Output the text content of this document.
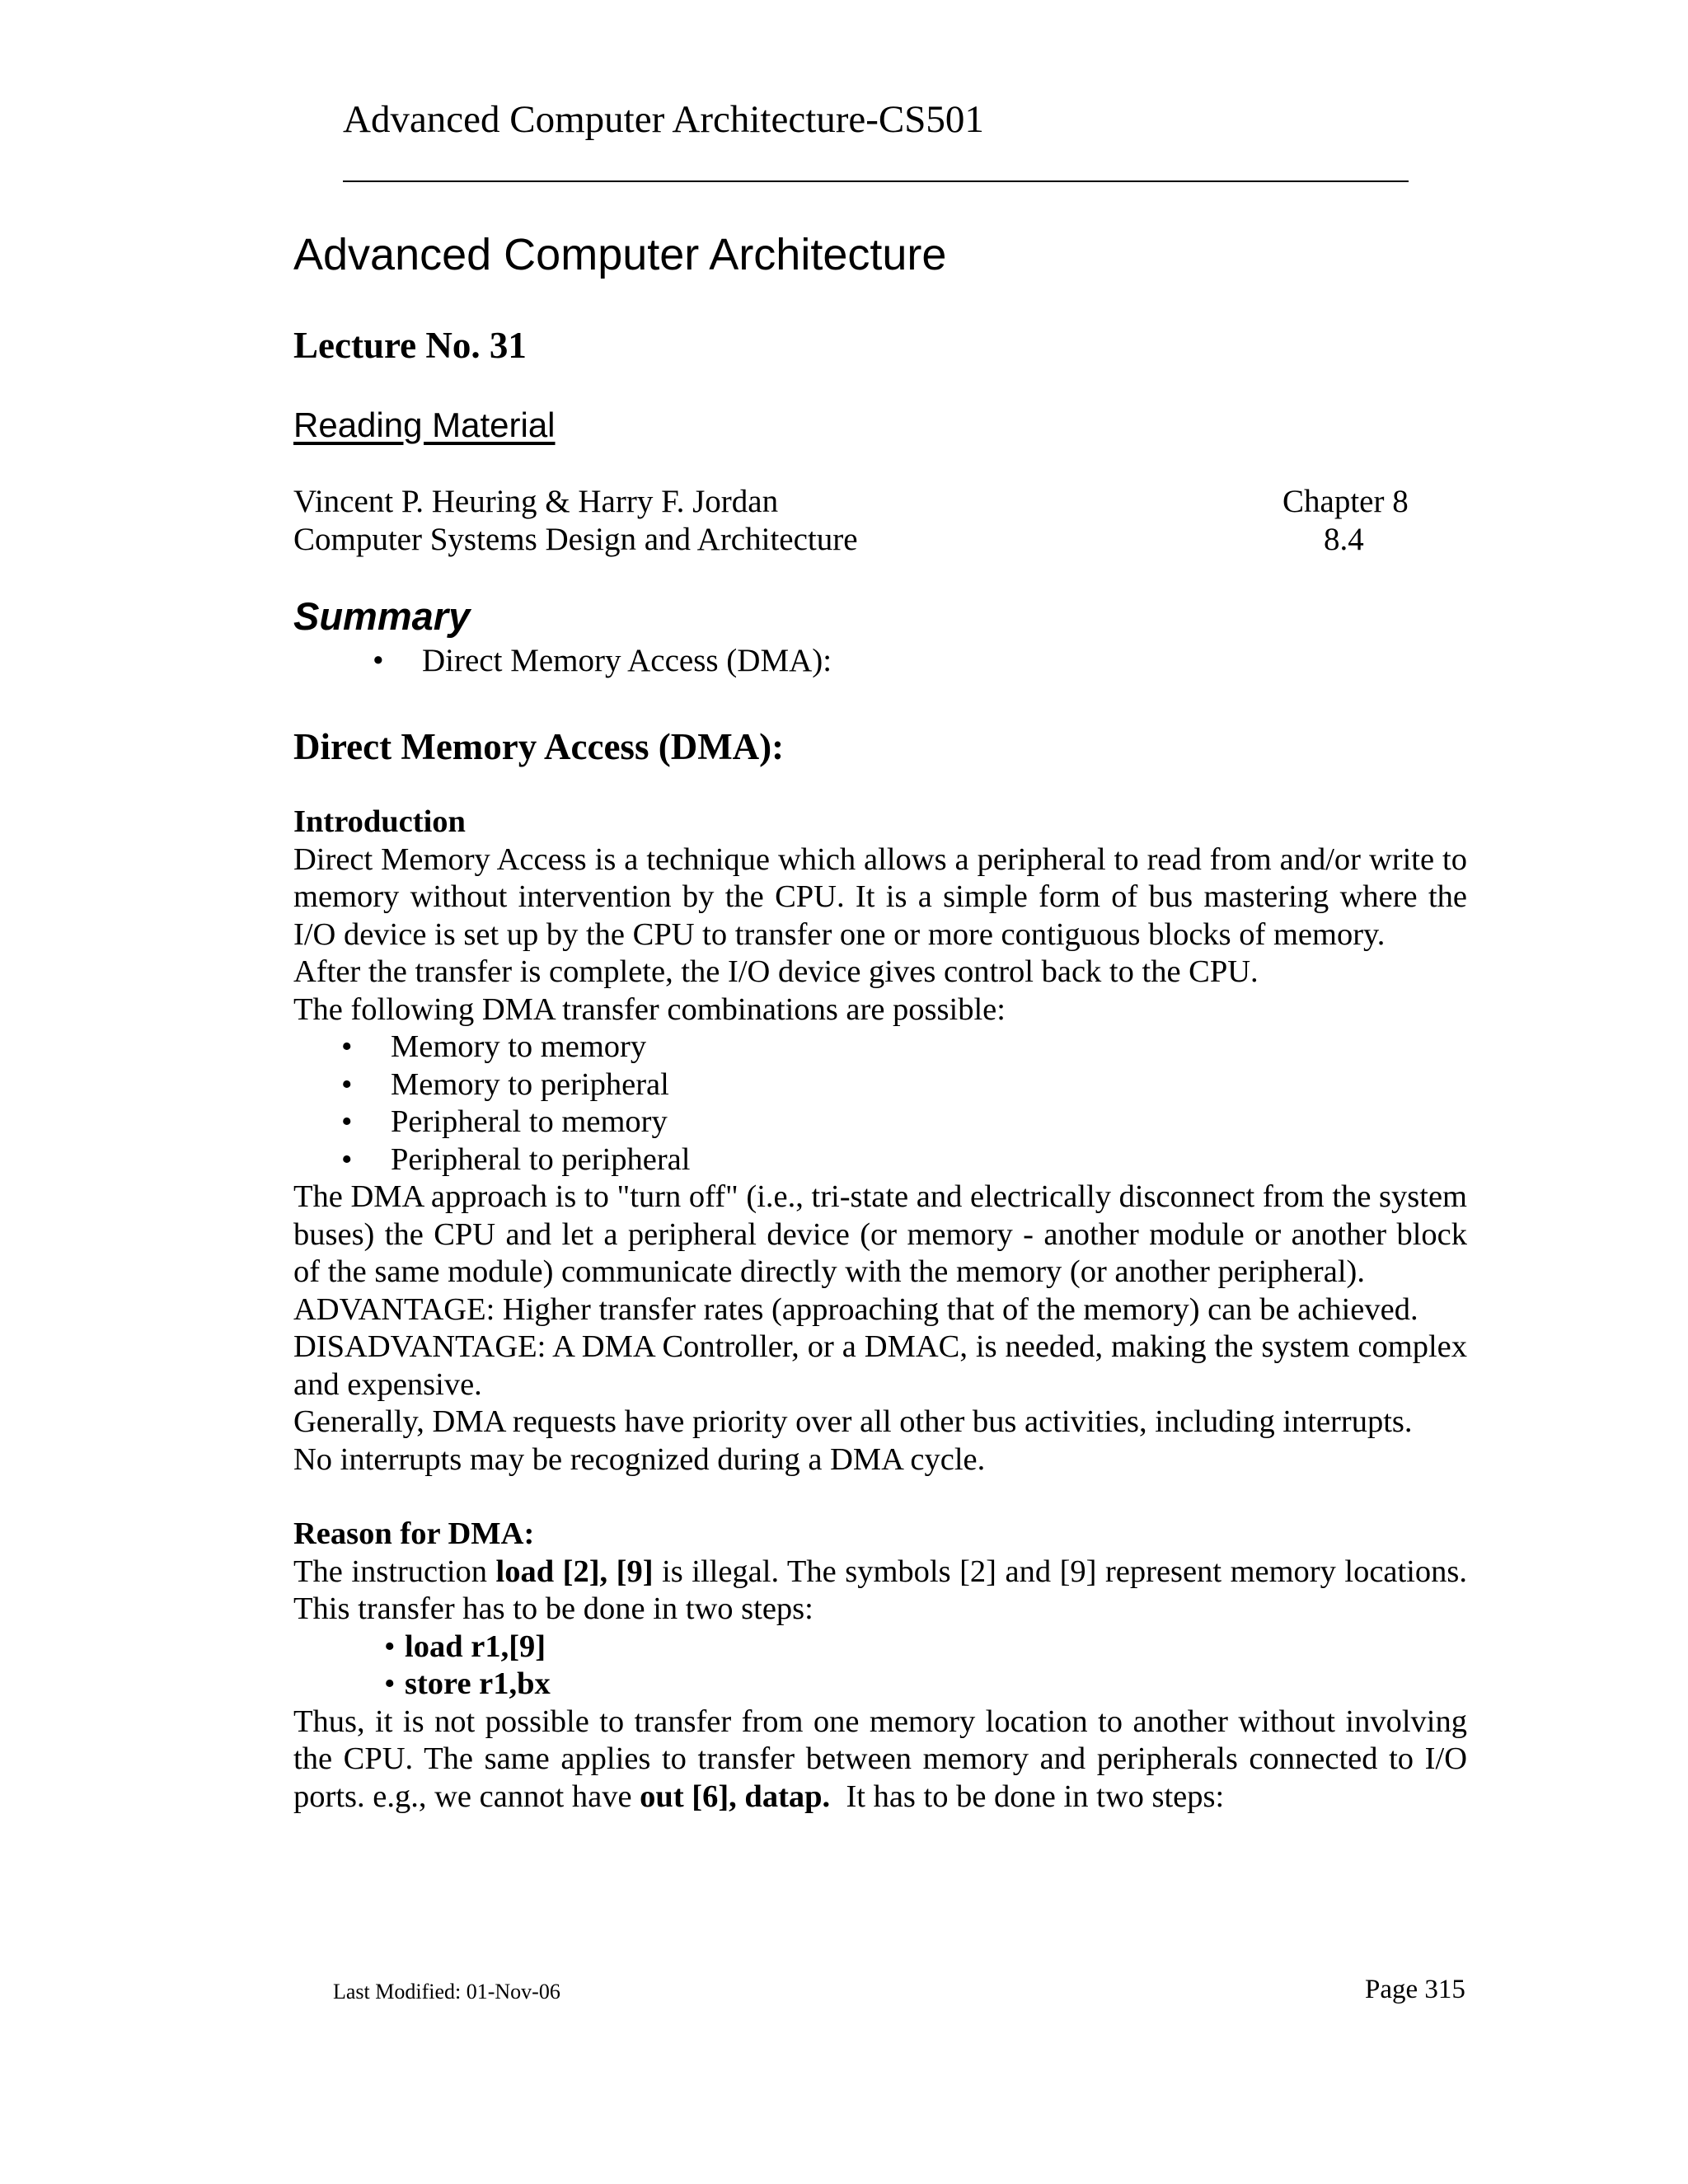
Advanced Computer Architecture-CS501
Advanced Computer Architecture
Lecture No. 31
Reading Material
Vincent P. Heuring & Harry F. Jordan
Computer Systems Design and Architecture
Chapter 8
8.4
Summary
• Direct Memory Access (DMA):
Direct Memory Access (DMA):

Introduction

Direct Memory Access is a technique which allows a peripheral to read from and/or write to memory without intervention by the CPU. It is a simple form of bus mastering where the I/O device is set up by the CPU to transfer one or more contiguous blocks of memory.

After the transfer is complete, the I/O device gives control back to the CPU.

The following DMA transfer combinations are possible:

• Memory to memory
• Memory to peripheral
• Peripheral to memory
• Peripheral to peripheral

The DMA approach is to "turn off" (i.e., tri-state and electrically disconnect from the system buses) the CPU and let a peripheral device (or memory - another module or another block of the same module) communicate directly with the memory (or another peripheral).

ADVANTAGE: Higher transfer rates (approaching that of the memory) can be achieved.

DISADVANTAGE: A DMA Controller, or a DMAC, is needed, making the system complex and expensive.

Generally, DMA requests have priority over all other bus activities, including interrupts.

No interrupts may be recognized during a DMA cycle.

Reason for DMA:

The instruction load [2], [9] is illegal. The symbols [2] and [9] represent memory locations. This transfer has to be done in two steps:

• load r1,[9]
• store r1,bx

Thus, it is not possible to transfer from one memory location to another without involving the CPU. The same applies to transfer between memory and peripherals connected to I/O ports. e.g., we cannot have out [6], datap.  It has to be done in two steps:

Last Modified: 01-Nov-06	Page 315
